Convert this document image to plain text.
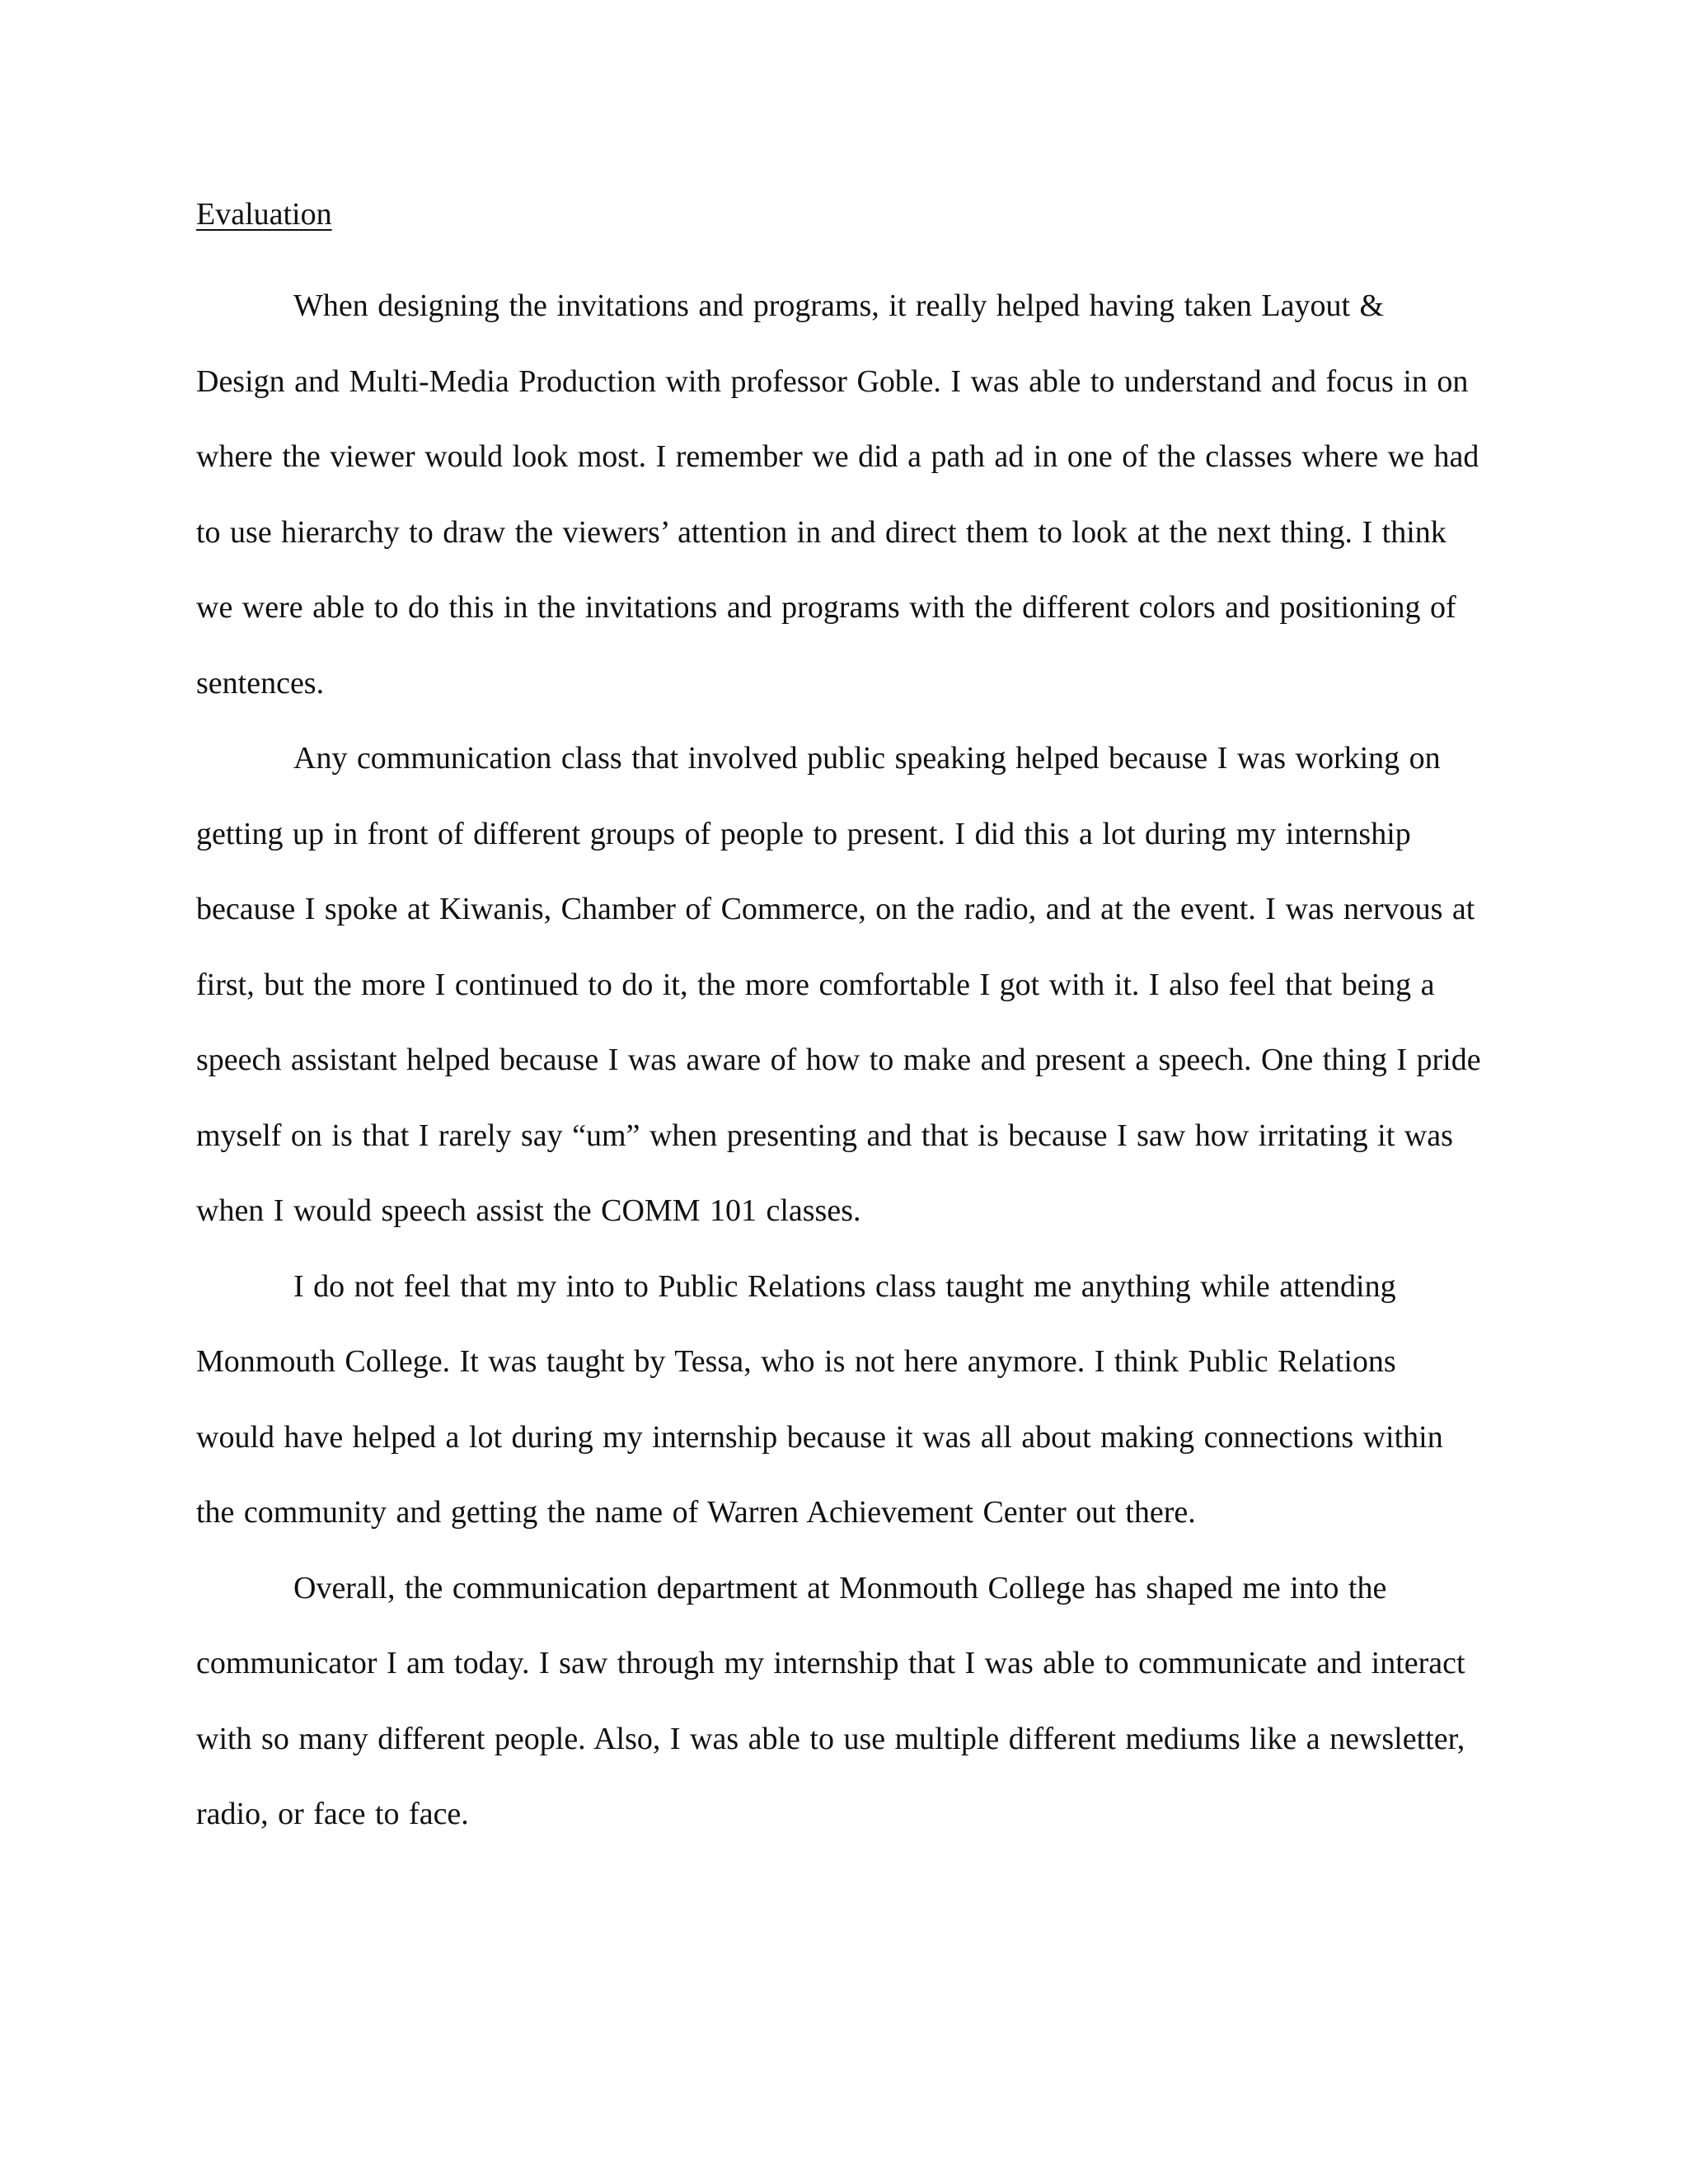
Evaluation

When designing the invitations and programs, it really helped having taken Layout & Design and Multi-Media Production with professor Goble. I was able to understand and focus in on where the viewer would look most. I remember we did a path ad in one of the classes where we had to use hierarchy to draw the viewers’ attention in and direct them to look at the next thing. I think we were able to do this in the invitations and programs with the different colors and positioning of sentences.

Any communication class that involved public speaking helped because I was working on getting up in front of different groups of people to present. I did this a lot during my internship because I spoke at Kiwanis, Chamber of Commerce, on the radio, and at the event. I was nervous at first, but the more I continued to do it, the more comfortable I got with it. I also feel that being a speech assistant helped because I was aware of how to make and present a speech. One thing I pride myself on is that I rarely say “um” when presenting and that is because I saw how irritating it was when I would speech assist the COMM 101 classes.

I do not feel that my into to Public Relations class taught me anything while attending Monmouth College. It was taught by Tessa, who is not here anymore. I think Public Relations would have helped a lot during my internship because it was all about making connections within the community and getting the name of Warren Achievement Center out there.

Overall, the communication department at Monmouth College has shaped me into the communicator I am today. I saw through my internship that I was able to communicate and interact with so many different people. Also, I was able to use multiple different mediums like a newsletter, radio, or face to face.
